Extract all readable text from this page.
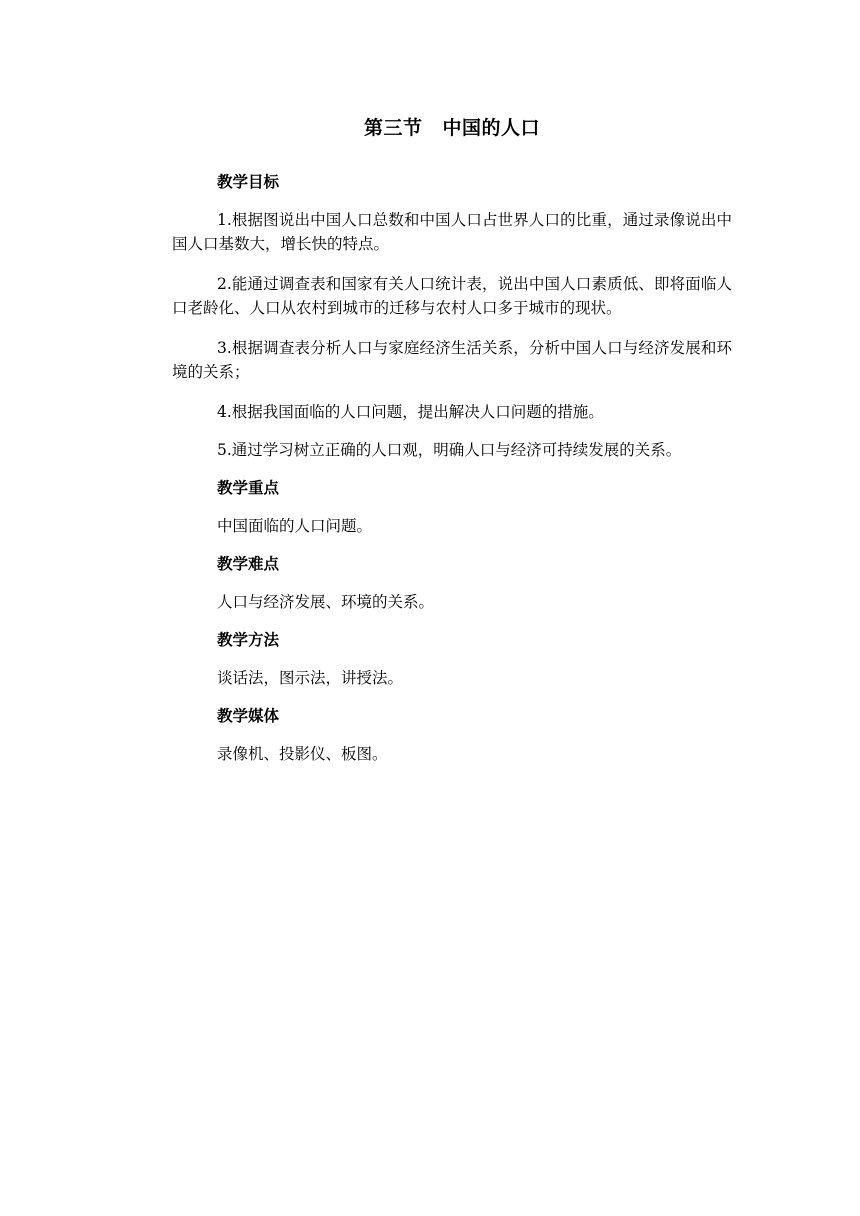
第三节 中国的人口
教学目标

1.根据图说出中国人口总数和中国人口占世界人口的比重，通过录像说出中国人口基数大，增长快的特点。

2.能通过调查表和国家有关人口统计表，说出中国人口素质低、即将面临人口老龄化、人口从农村到城市的迁移与农村人口多于城市的现状。

3.根据调查表分析人口与家庭经济生活关系，分析中国人口与经济发展和环境的关系；

4.根据我国面临的人口问题，提出解决人口问题的措施。

5.通过学习树立正确的人口观，明确人口与经济可持续发展的关系。

教学重点

中国面临的人口问题。

教学难点

人口与经济发展、环境的关系。

教学方法

谈话法，图示法，讲授法。

教学媒体

录像机、投影仪、板图。
